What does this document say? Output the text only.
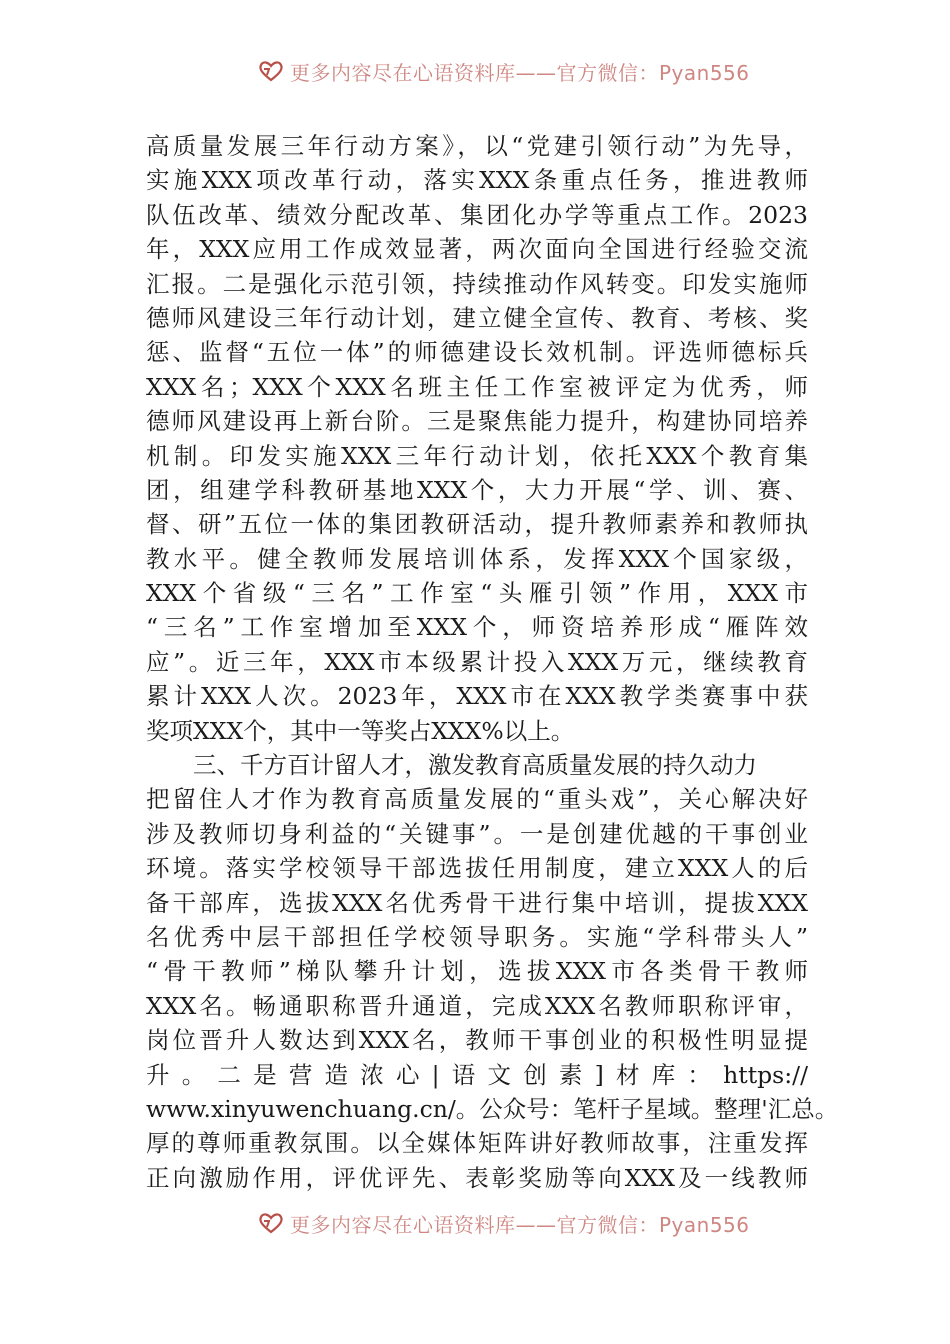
更多内容尽在心语资料库——官方微信：Pyan556
高质量发展三年行动方案》，以“党建引领行动”为先导，
实施XXX项改革行动，落实XXX条重点任务，推进教师
队伍改革、绩效分配改革、集团化办学等重点工作。2023
年，XXX应用工作成效显著，两次面向全国进行经验交流
汇报。二是强化示范引领，持续推动作风转变。印发实施师
德师风建设三年行动计划，建立健全宣传、教育、考核、奖
惩、监督“五位一体”的师德建设长效机制。评选师德标兵
XXX名；XXX个XXX名班主任工作室被评定为优秀，师
德师风建设再上新台阶。三是聚焦能力提升，构建协同培养
机制。印发实施XXX三年行动计划，依托XXX个教育集
团，组建学科教研基地XXX个，大力开展“学、训、赛、
督、研”五位一体的集团教研活动，提升教师素养和教师执
教水平。健全教师发展培训体系，发挥XXX个国家级，
XXX个省级“三名”工作室“头雁引领”作用，XXX市
“三名”工作室增加至XXX个，师资培养形成“雁阵效
应”。近三年，XXX市本级累计投入XXX万元，继续教育
累计XXX人次。2023年，XXX市在XXX教学类赛事中获
奖项XXX个，其中一等奖占XXX%以上。
三、千方百计留人才，激发教育高质量发展的持久动力
把留住人才作为教育高质量发展的“重头戏”，关心解决好
涉及教师切身利益的“关键事”。一是创建优越的干事创业
环境。落实学校领导干部选拔任用制度，建立XXX人的后
备干部库，选拔XXX名优秀骨干进行集中培训，提拔XXX
名优秀中层干部担任学校领导职务。实施“学科带头人”
“骨干教师”梯队攀升计划，选拔XXX市各类骨干教师
XXX名。畅通职称晋升通道，完成XXX名教师职称评审，
岗位晋升人数达到XXX名，教师干事创业的积极性明显提
升。二是营造浓心|语文创素]材库：https://
www.xinyuwenchuang.cn/。公众号：笔杆子星域。整理'汇总。
厚的尊师重教氛围。以全媒体矩阵讲好教师故事，注重发挥
正向激励作用，评优评先、表彰奖励等向XXX及一线教师
更多内容尽在心语资料库——官方微信：Pyan556
